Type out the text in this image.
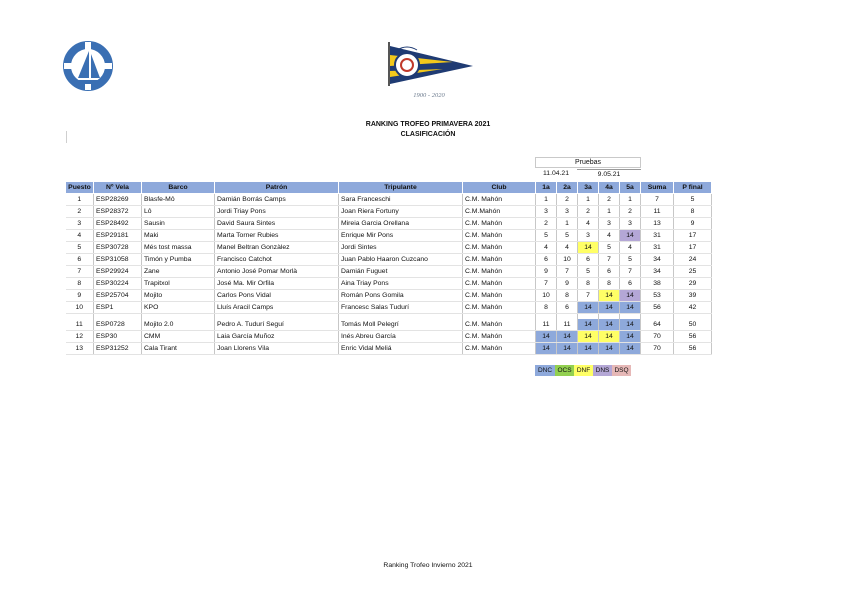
1900 - 2020
RANKING TROFEO PRIMAVERA 2021
CLASIFICACIÓN
Pruebas
11.04.21	9.05.21
Puesto	Nº Vela	Barco	Patrón	Tripulante	Club	1a	2a	3a	4a	5a	Suma	P final
1	ESP28269	Blasfe-Mô	Damián Borrás Camps	Sara Franceschi	C.M. Mahón	1	2	1	2	1	7	5
2	ESP28372	Lô	Jordi Triay Pons	Joan Riera Fortuny	C.M.Mahón	3	3	2	1	2	11	8
3	ESP28492	Sausin	David Saura Sintes	Mireia Garcia Orellana	C.M. Mahón	2	1	4	3	3	13	9
4	ESP29181	Maki	Marta Torner Rubies	Enrique Mir Pons	C.M. Mahón	5	5	3	4	14	31	17
5	ESP30728	Més tost massa	Manel Beltran Gonzàlez	Jordi Sintes	C.M. Mahón	4	4	14	5	4	31	17
6	ESP31058	Timón y Pumba	Francisco Catchot	Juan Pablo Haaron Cuzcano	C.M. Mahón	6	10	6	7	5	34	24
7	ESP29924	Zane	Antonio José Pomar Morlà	Damián Fuguet	C.M. Mahón	9	7	5	6	7	34	25
8	ESP30224	Trapitxol	José Ma. Mir Orfila	Aina Triay Pons	C.M. Mahón	7	9	8	8	6	38	29
9	ESP25704	Mojito	Carlos Pons Vidal	Román Pons Gomila	C.M. Mahón	10	8	7	14	14	53	39
10	ESP1	KPO	Lluís Aracil Camps	Francesc Salas Tudurí	C.M. Mahón	8	6	14	14	14	56	42

11	ESP0728	Mojito 2.0	Pedro A. Tudurí Seguí	Tomás Moll Pelegrí	C.M. Mahón	11	11	14	14	14	64	50
12	ESP30	CMM	Laia García Muñoz	Inés Abreu García	C.M. Mahón	14	14	14	14	14	70	56
13	ESP31252	Cala Tirant	Joan Llorens Vila	Enric Vidal Meliá	C.M. Mahón	14	14	14	14	14	70	56
DNC OCS DNF DNS DSQ
Ranking Trofeo Invierno 2021
